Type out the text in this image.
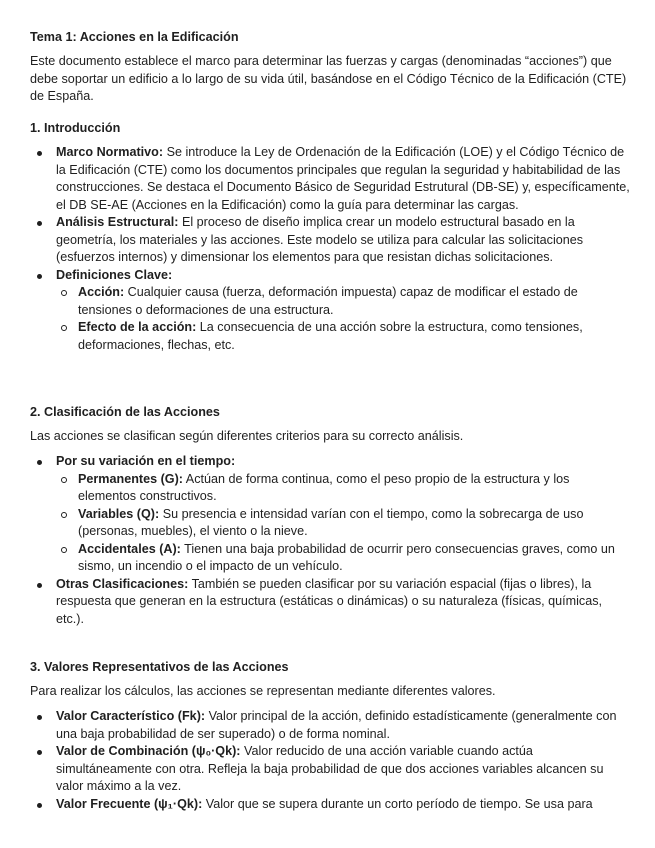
Tema 1: Acciones en la Edificación

Este documento establece el marco para determinar las fuerzas y cargas (denominadas “acciones”) que debe soportar un edificio a lo largo de su vida útil, basándose en el Código Técnico de la Edificación (CTE) de España.

1. Introducción
Marco Normativo: Se introduce la Ley de Ordenación de la Edificación (LOE) y el Código Técnico de la Edificación (CTE) como los documentos principales que regulan la seguridad y habitabilidad de las construcciones. Se destaca el Documento Básico de Seguridad Estrutural (DB-SE) y, específicamente, el DB SE-AE (Acciones en la Edificación) como la guía para determinar las cargas.
Análisis Estructural: El proceso de diseño implica crear un modelo estructural basado en la geometría, los materiales y las acciones. Este modelo se utiliza para calcular las solicitaciones (esfuerzos internos) y dimensionar los elementos para que resistan dichas solicitaciones.
Definiciones Clave:
Acción: Cualquier causa (fuerza, deformación impuesta) capaz de modificar el estado de tensiones o deformaciones de una estructura.
Efecto de la acción: La consecuencia de una acción sobre la estructura, como tensiones, deformaciones, flechas, etc.
2. Clasificación de las Acciones

Las acciones se clasifican según diferentes criterios para su correcto análisis.

Por su variación en el tiempo:
Permanentes (G): Actúan de forma continua, como el peso propio de la estructura y los elementos constructivos.
Variables (Q): Su presencia e intensidad varían con el tiempo, como la sobrecarga de uso (personas, muebles), el viento o la nieve.
Accidentales (A): Tienen una baja probabilidad de ocurrir pero consecuencias graves, como un sismo, un incendio o el impacto de un vehículo.
Otras Clasificaciones: También se pueden clasificar por su variación espacial (fijas o libres), la respuesta que generan en la estructura (estáticas o dinámicas) o su naturaleza (físicas, químicas, etc.).
3. Valores Representativos de las Acciones

Para realizar los cálculos, las acciones se representan mediante diferentes valores.

Valor Característico (Fk): Valor principal de la acción, definido estadísticamente (generalmente con una baja probabilidad de ser superado) o de forma nominal.
Valor de Combinación (ψ₀·Qk): Valor reducido de una acción variable cuando actúa simultáneamente con otra. Refleja la baja probabilidad de que dos acciones variables alcancen su valor máximo a la vez.
Valor Frecuente (ψ₁·Qk): Valor que se supera durante un corto período de tiempo. Se usa para
